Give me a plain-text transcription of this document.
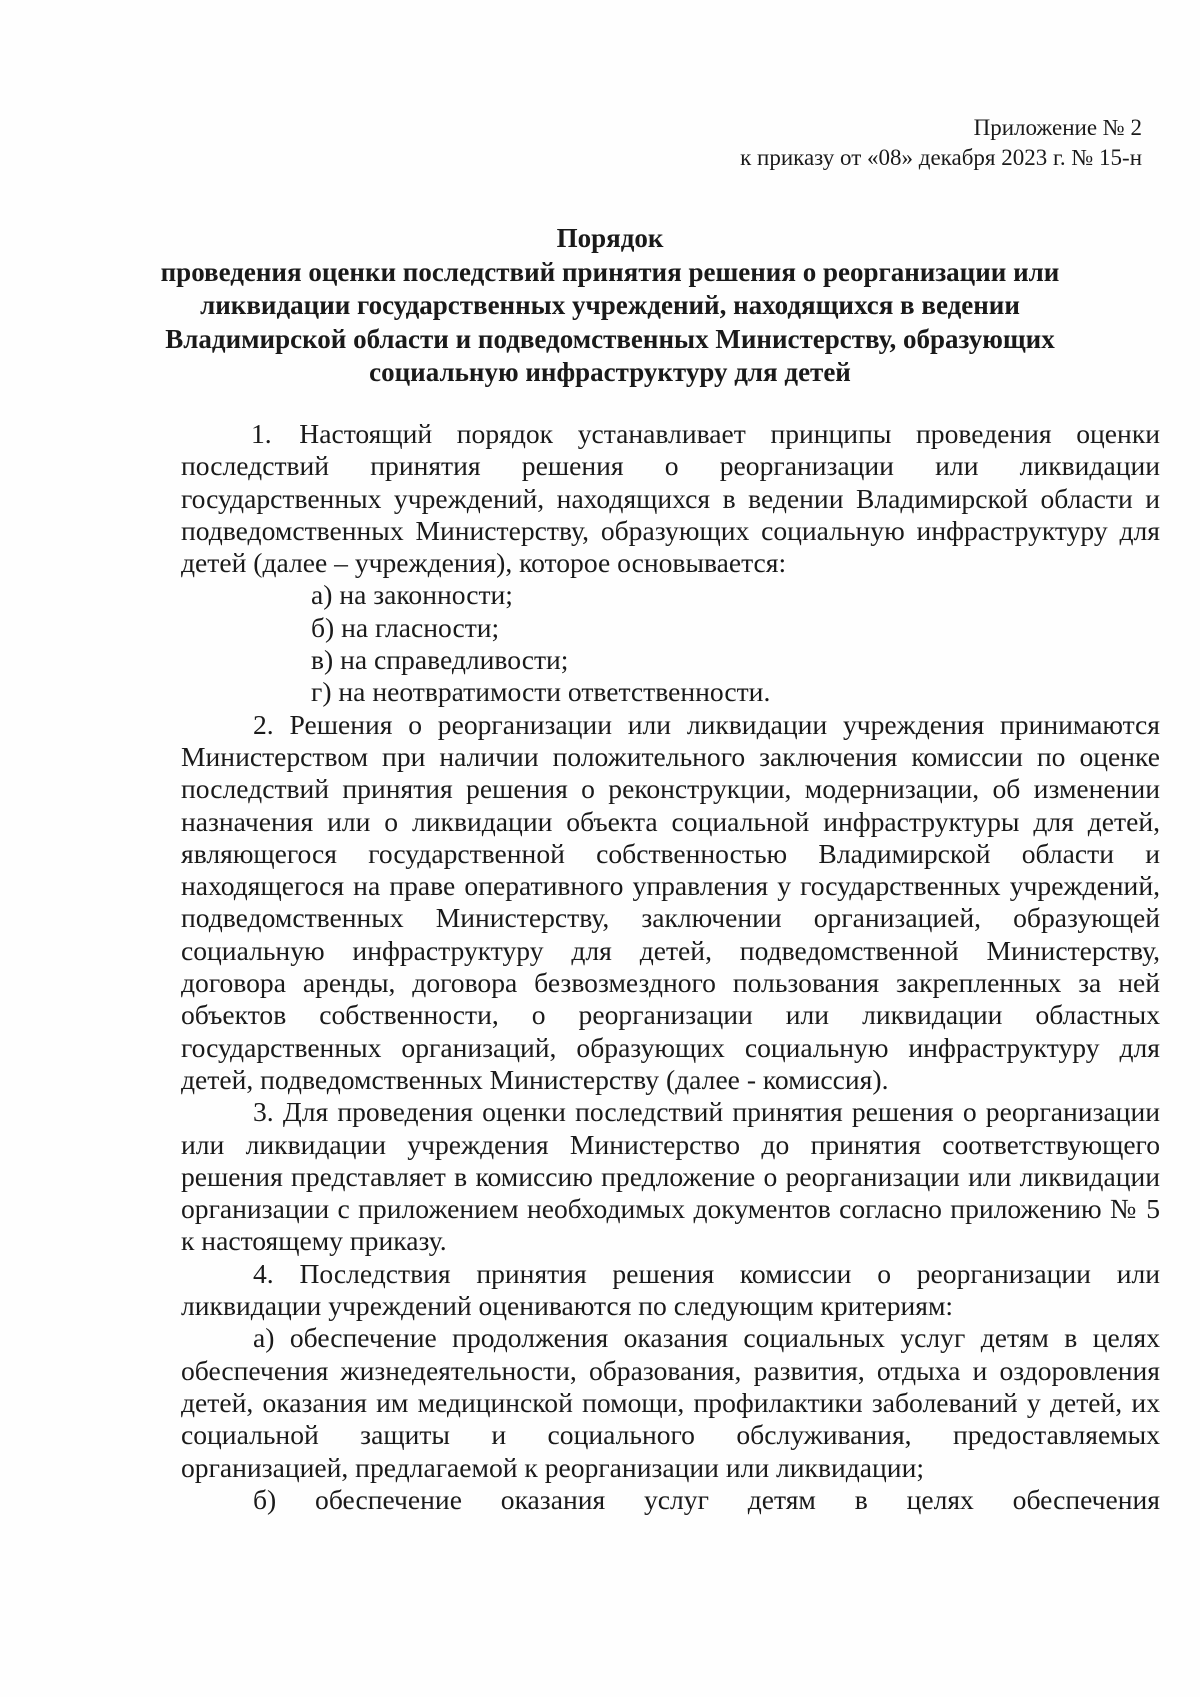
Приложение № 2
к приказу от «08» декабря 2023 г. № 15-н
Порядок
проведения оценки последствий принятия решения о реорганизации или ликвидации государственных учреждений, находящихся в ведении Владимирской области и подведомственных Министерству, образующих социальную инфраструктуру для детей

1. Настоящий порядок устанавливает принципы проведения оценки последствий принятия решения о реорганизации или ликвидации государственных учреждений, находящихся в ведении Владимирской области и подведомственных Министерству, образующих социальную инфраструктуру для детей (далее – учреждения), которое основывается:

а) на законности;

б) на гласности;

в) на справедливости;

г) на неотвратимости ответственности.

2. Решения о реорганизации или ликвидации учреждения принимаются Министерством при наличии положительного заключения комиссии по оценке последствий принятия решения о реконструкции, модернизации, об изменении назначения или о ликвидации объекта социальной инфраструктуры для детей, являющегося государственной собственностью Владимирской области и находящегося на праве оперативного управления у государственных учреждений, подведомственных Министерству, заключении организацией, образующей социальную инфраструктуру для детей, подведомственной Министерству, договора аренды, договора безвозмездного пользования закрепленных за ней объектов собственности, о реорганизации или ликвидации областных государственных организаций, образующих социальную инфраструктуру для детей, подведомственных Министерству (далее - комиссия).

3. Для проведения оценки последствий принятия решения о реорганизации или ликвидации учреждения Министерство до принятия соответствующего решения представляет в комиссию предложение о реорганизации или ликвидации организации с приложением необходимых документов согласно приложению № 5 к настоящему приказу.

4. Последствия принятия решения комиссии о реорганизации или ликвидации учреждений оцениваются по следующим критериям:

а) обеспечение продолжения оказания социальных услуг детям в целях обеспечения жизнедеятельности, образования, развития, отдыха и оздоровления детей, оказания им медицинской помощи, профилактики заболеваний у детей, их социальной защиты и социального обслуживания, предоставляемых организацией, предлагаемой к реорганизации или ликвидации;

б) обеспечение оказания услуг детям в целях обеспечения
